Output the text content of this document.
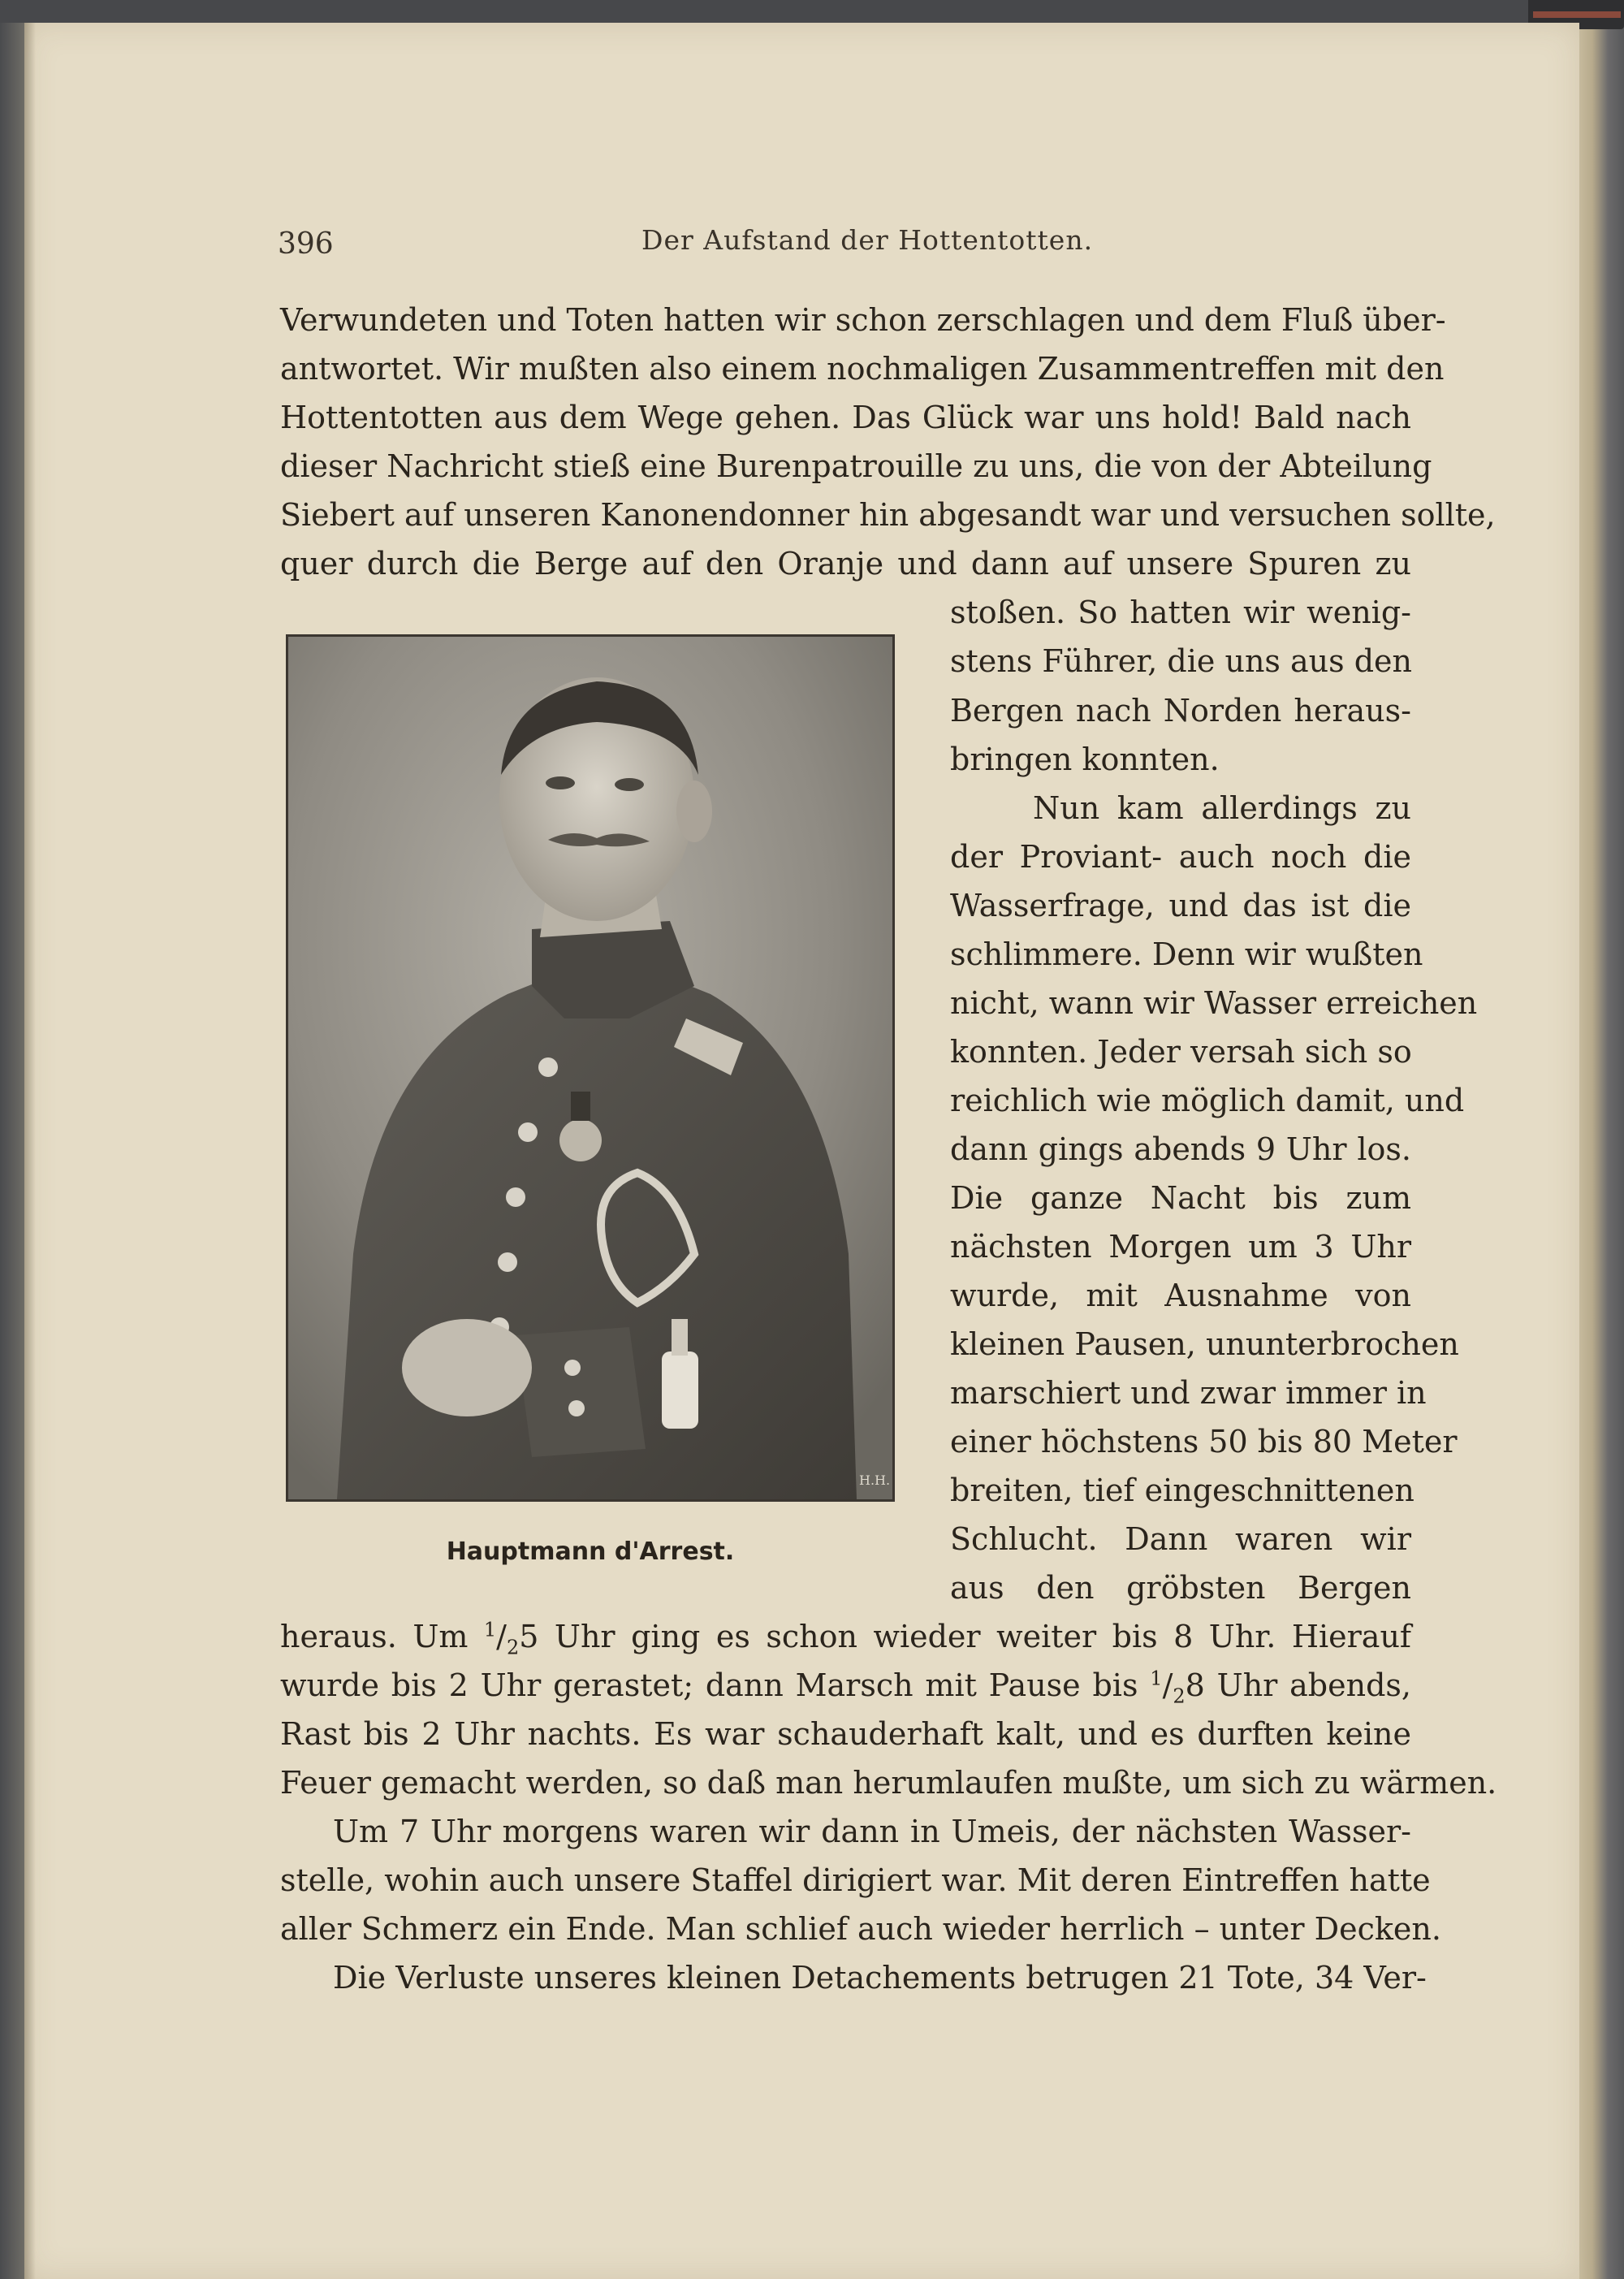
396	Der Aufstand der Hottentotten.

Verwundeten und Toten hatten wir schon zerschlagen und dem Fluß über-

antwortet. Wir mußten also einem nochmaligen Zusammentreffen mit den

Hottentotten aus dem Wege gehen. Das Glück war uns hold! Bald nach

dieser Nachricht stieß eine Burenpatrouille zu uns, die von der Abteilung

Siebert auf unseren Kanonendonner hin abgesandt war und versuchen sollte,

quer durch die Berge auf den Oranje und dann auf unsere Spuren zu

stoßen. So hatten wir wenig-

stens Führer, die uns aus den

Bergen nach Norden heraus-

bringen konnten.

Nun kam allerdings zu

der Proviant- auch noch die

Wasserfrage, und das ist die

schlimmere. Denn wir wußten

nicht, wann wir Wasser erreichen

konnten. Jeder versah sich so

reichlich wie möglich damit, und

dann gings abends 9 Uhr los.

Die ganze Nacht bis zum

nächsten Morgen um 3 Uhr

wurde, mit Ausnahme von

kleinen Pausen, ununterbrochen

marschiert und zwar immer in

einer höchstens 50 bis 80 Meter

breiten, tief eingeschnittenen

Schlucht. Dann waren wir

aus den gröbsten Bergen

H.H.

Hauptmann d'Arrest.

heraus. Um $^1/_25$ Uhr ging es schon wieder weiter bis 8 Uhr. Hierauf

wurde bis 2 Uhr gerastet; dann Marsch mit Pause bis $^1/_28$ Uhr abends,

Rast bis 2 Uhr nachts. Es war schauderhaft kalt, und es durften keine

Feuer gemacht werden, so daß man herumlaufen mußte, um sich zu wärmen.

Um 7 Uhr morgens waren wir dann in Umeis, der nächsten Wasser-

stelle, wohin auch unsere Staffel dirigiert war. Mit deren Eintreffen hatte

aller Schmerz ein Ende. Man schlief auch wieder herrlich – unter Decken.

Die Verluste unseres kleinen Detachements betrugen 21 Tote, 34 Ver-
